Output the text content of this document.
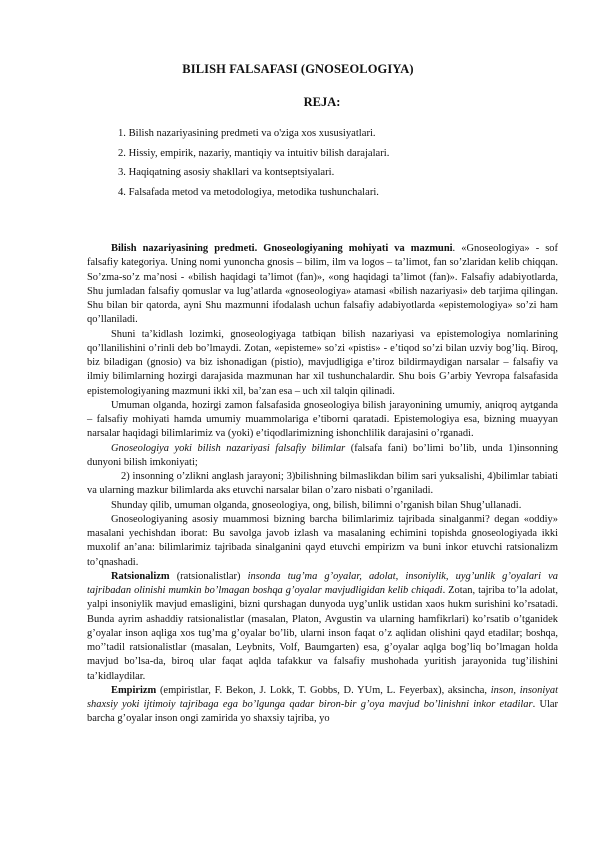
BILISH FALSAFASI (GNOSEOLOGIYA)
REJA:
1. Bilish nazariyasining predmeti va o'ziga xos xususiyatlari.
2. Hissiy, empirik, nazariy, mantiqiy va intuitiv bilish darajalari.
3. Haqiqatning asosiy shakllari va kontseptsiyalari.
4. Falsafada metod va metodologiya, metodika tushunchalari.

Bilish nazariyasining predmeti. Gnoseologiyaning mohiyati va mazmuni. «Gnoseologiya» - sof falsafiy kategoriya. Uning nomi yunoncha gnosis – bilim, ilm va logos – ta’limot, fan so’zlaridan kelib chiqqan. So’zma-so’z ma’nosi - «bilish haqidagi ta’limot (fan)», «ong haqidagi ta’limot (fan)». Falsafiy adabiyotlarda, Shu jumladan falsafiy qomuslar va lug’atlarda «gnoseologiya» atamasi «bilish nazariyasi» deb tarjima qilingan. Shu bilan bir qatorda, ayni Shu mazmunni ifodalash uchun falsafiy adabiyotlarda «epistemologiya» so’zi ham qo’llaniladi.

Shuni ta’kidlash lozimki, gnoseologiyaga tatbiqan bilish nazariyasi va epistemologiya nomlarining qo’llanilishini o’rinli deb bo’lmaydi. Zotan, «episteme» so’zi «pistis» - e’tiqod so’zi bilan uzviy bog’liq. Biroq, biz biladigan (gnosio) va biz ishonadigan (pistio), mavjudligiga e’tiroz bildirmaydigan narsalar – falsafiy va ilmiy bilimlarning hozirgi darajasida mazmunan har xil tushunchalardir. Shu bois G’arbiy Yevropa falsafasida epistemologiyaning mazmuni ikki xil, ba’zan esa – uch xil talqin qilinadi.

Umuman olganda, hozirgi zamon falsafasida gnoseologiya bilish jarayonining umumiy, aniqroq aytganda – falsafiy mohiyati hamda umumiy muammolariga e’tiborni qaratadi. Epistemologiya esa, bizning muayyan narsalar haqidagi bilimlarimiz va (yoki) e’tiqodlarimizning ishonchlilik darajasini o’rganadi.

Gnoseologiya yoki bilish nazariyasi falsafiy bilimlar (falsafa fani) bo’limi bo’lib, unda 1)insonning dunyoni bilish imkoniyati;

2) insonning o’zlikni anglash jarayoni; 3)bilishning bilmaslikdan bilim sari yuksalishi, 4)bilimlar tabiati va ularning mazkur bilimlarda aks etuvchi narsalar bilan o’zaro nisbati o’rganiladi.

Shunday qilib, umuman olganda, gnoseologiya, ong, bilish, bilimni o’rganish bilan Shug’ullanadi.

Gnoseologiyaning asosiy muammosi bizning barcha bilimlarimiz tajribada sinalganmi? degan «oddiy» masalani yechishdan iborat: Bu savolga javob izlash va masalaning echimini topishda gnoseologiyada ikki muxolif an’ana: bilimlarimiz tajribada sinalganini qayd etuvchi empirizm va buni inkor etuvchi ratsionalizm to’qnashadi.

Ratsionalizm (ratsionalistlar) insonda tug’ma g’oyalar, adolat, insoniylik, uyg’unlik g’oyalari va tajribadan olinishi mumkin bo’lmagan boshqa g’oyalar mavjudligidan kelib chiqadi. Zotan, tajriba to’la adolat, yalpi insoniylik mavjud emasligini, bizni qurshagan dunyoda uyg’unlik ustidan xaos hukm surishini ko’rsatadi. Bunda ayrim ashaddiy ratsionalistlar (masalan, Platon, Avgustin va ularning hamfikrlari) ko’rsatib o’tganidek g’oyalar inson aqliga xos tug’ma g’oyalar bo’lib, ularni inson faqat o’z aqlidan olishini qayd etadilar; boshqa, mo’’tadil ratsionalistlar (masalan, Leybnits, Volf, Baumgarten) esa, g’oyalar aqlga bog’liq bo’lmagan holda mavjud bo’lsa-da, biroq ular faqat aqlda tafakkur va falsafiy mushohada yuritish jarayonida tug’ilishini ta’kidlaydilar.

Empirizm (empiristlar, F. Bekon, J. Lokk, T. Gobbs, D. YUm, L. Feyerbax), aksincha, inson, insoniyat shaxsiy yoki ijtimoiy tajribaga ega bo’lgunga qadar biron-bir g’oya mavjud bo’linishni inkor etadilar. Ular barcha g’oyalar inson ongi zamirida yo shaxsiy tajriba, yo
